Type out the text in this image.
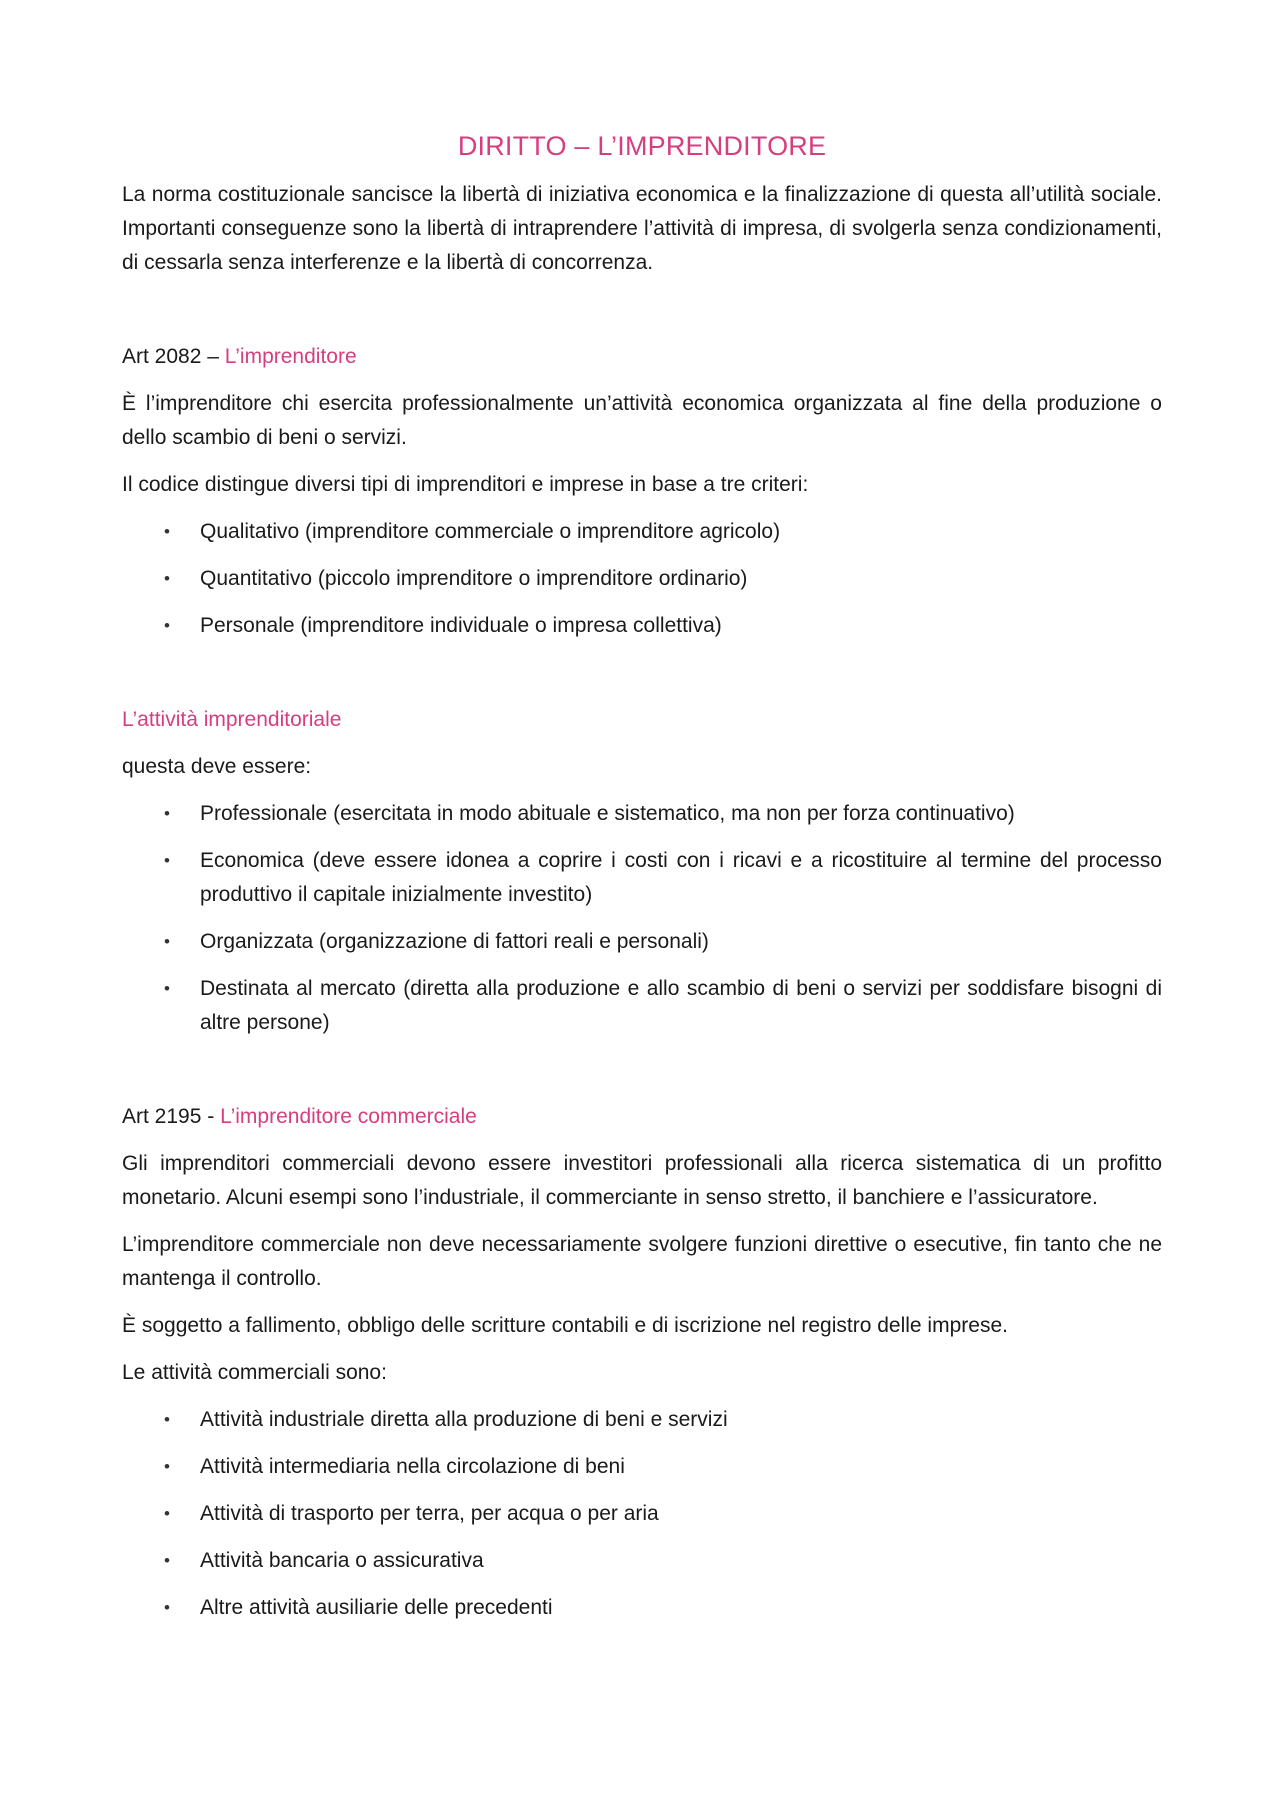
DIRITTO – L’IMPRENDITORE

La norma costituzionale sancisce la libertà di iniziativa economica e la finalizzazione di questa all’utilità sociale. Importanti conseguenze sono la libertà di intraprendere l’attività di impresa, di svolgerla senza condizionamenti, di cessarla senza interferenze e la libertà di concorrenza.

Art 2082 – L’imprenditore

È l’imprenditore chi esercita professionalmente un’attività economica organizzata al fine della produzione o dello scambio di beni o servizi.

Il codice distingue diversi tipi di imprenditori e imprese in base a tre criteri:

• Qualitativo (imprenditore commerciale o imprenditore agricolo)
• Quantitativo (piccolo imprenditore o imprenditore ordinario)
• Personale (imprenditore individuale o impresa collettiva)
L’attività imprenditoriale

questa deve essere:

• Professionale (esercitata in modo abituale e sistematico, ma non per forza continuativo)
• Economica (deve essere idonea a coprire i costi con i ricavi e a ricostituire al termine del processo produttivo il capitale inizialmente investito)
• Organizzata (organizzazione di fattori reali e personali)
• Destinata al mercato (diretta alla produzione e allo scambio di beni o servizi per soddisfare bisogni di altre persone)
Art 2195 - L’imprenditore commerciale

Gli imprenditori commerciali devono essere investitori professionali alla ricerca sistematica di un profitto monetario. Alcuni esempi sono l’industriale, il commerciante in senso stretto, il banchiere e l’assicuratore.

L’imprenditore commerciale non deve necessariamente svolgere funzioni direttive o esecutive, fin tanto che ne mantenga il controllo.

È soggetto a fallimento, obbligo delle scritture contabili e di iscrizione nel registro delle imprese.

Le attività commerciali sono:

• Attività industriale diretta alla produzione di beni e servizi
• Attività intermediaria nella circolazione di beni
• Attività di trasporto per terra, per acqua o per aria
• Attività bancaria o assicurativa
• Altre attività ausiliarie delle precedenti
